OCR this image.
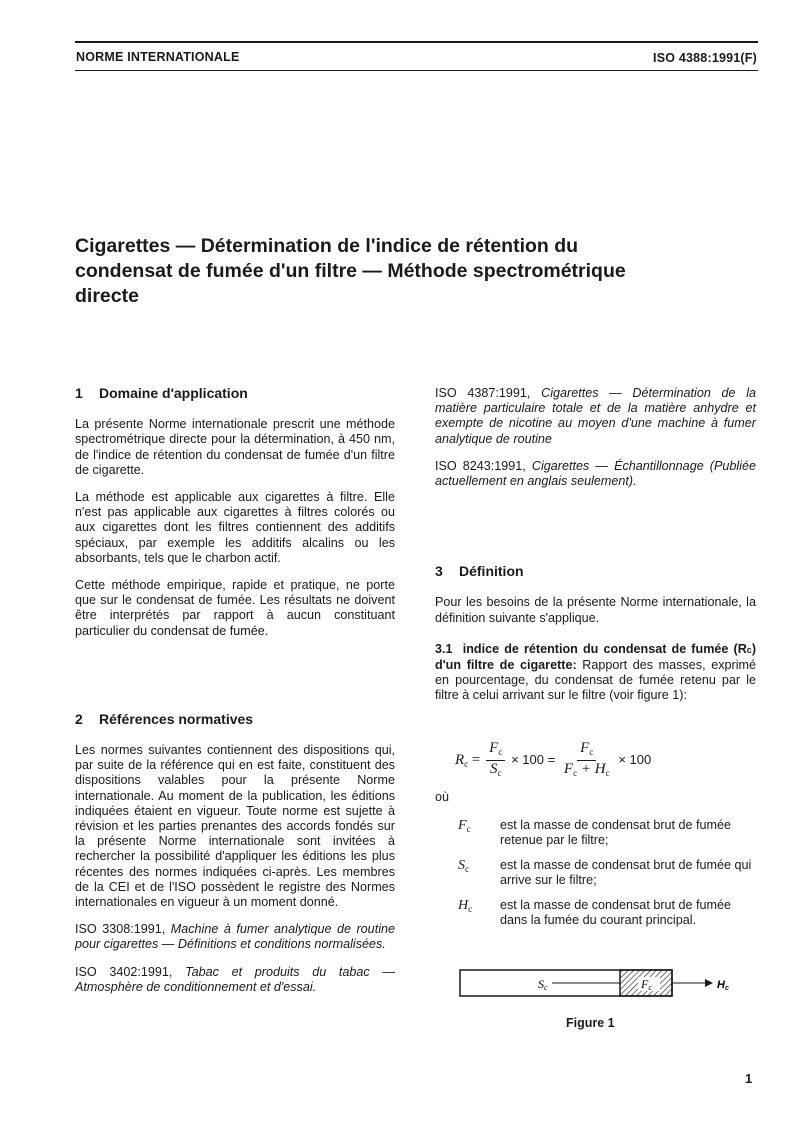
NORME INTERNATIONALE	ISO 4388:1991(F)
Cigarettes — Détermination de l'indice de rétention du
condensat de fumée d'un filtre — Méthode spectrométrique
directe
1 Domaine d'application

La présente Norme internationale prescrit une méthode spectrométrique directe pour la détermination, à 450 nm, de l'indice de rétention du condensat de fumée d'un filtre de cigarette.

La méthode est applicable aux cigarettes à filtre. Elle n'est pas applicable aux cigarettes à filtres colorés ou aux cigarettes dont les filtres contiennent des additifs spéciaux, par exemple les additifs alcalins ou les absorbants, tels que le charbon actif.

Cette méthode empirique, rapide et pratique, ne porte que sur le condensat de fumée. Les résultats ne doivent être interprétés par rapport à aucun constituant particulier du condensat de fumée.

2 Références normatives

Les normes suivantes contiennent des dispositions qui, par suite de la référence qui en est faite, constituent des dispositions valables pour la présente Norme internationale. Au moment de la publication, les éditions indiquées étaient en vigueur. Toute norme est sujette à révision et les parties prenantes des accords fondés sur la présente Norme internationale sont invitées à rechercher la possibilité d'appliquer les éditions les plus récentes des normes indiquées ci-après. Les membres de la CEI et de l'ISO possèdent le registre des Normes internationales en vigueur à un moment donné.

ISO 3308:1991, Machine à fumer analytique de routine pour cigarettes — Définitions et conditions normalisées.

ISO 3402:1991, Tabac et produits du tabac — Atmosphère de conditionnement et d'essai.

ISO 4387:1991, Cigarettes — Détermination de la matière particulaire totale et de la matière anhydre et exempte de nicotine au moyen d'une machine à fumer analytique de routine

ISO 8243:1991, Cigarettes — Échantillonnage (Publiée actuellement en anglais seulement).

3 Définition

Pour les besoins de la présente Norme internationale, la définition suivante s'applique.

3.1 indice de rétention du condensat de fumée (Rc) d'un filtre de cigarette: Rapport des masses, exprimé en pourcentage, du condensat de fumée retenu par le filtre à celui arrivant sur le filtre (voir figure 1):

$R_c = \frac{F_c}{S_c} \times 100 = \frac{F_c}{F_c + H_c} \times 100$
où
$F_c$ est la masse de condensat brut de fumée retenue par le filtre;
$S_c$ est la masse de condensat brut de fumée qui arrive sur le filtre;
$H_c$ est la masse de condensat brut de fumée dans la fumée du courant principal.
Sc	Fc	Hc
Figure 1
1
